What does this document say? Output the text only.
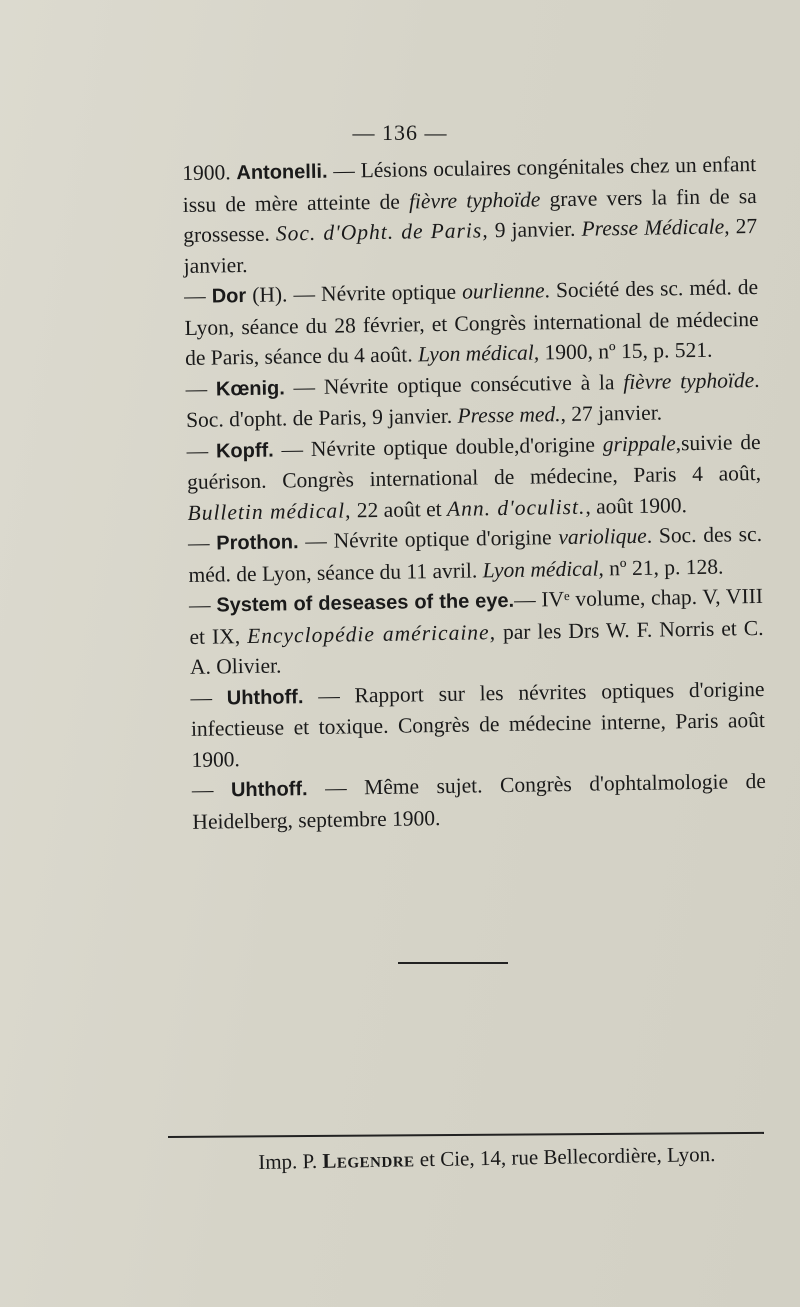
— 136 —

1900. Antonelli. — Lésions oculaires congénitales chez un enfant issu de mère atteinte de fièvre typhoïde grave vers la fin de sa grossesse. Soc. d'Opht. de Paris, 9 janvier. Presse Médicale, 27 janvier.

— Dor (H). — Névrite optique ourlienne. Société des sc. méd. de Lyon, séance du 28 février, et Congrès international de médecine de Paris, séance du 4 août. Lyon médical, 1900, nº 15, p. 521.

— Kœnig. — Névrite optique consécutive à la fièvre typhoïde. Soc. d'opht. de Paris, 9 janvier. Presse med., 27 janvier.

— Kopff. — Névrite optique double,d'origine grippale,suivie de guérison. Congrès international de médecine, Paris 4 août, Bulletin médical, 22 août et Ann. d'oculist., août 1900.

— Prothon. — Névrite optique d'origine variolique. Soc. des sc. méd. de Lyon, séance du 11 avril. Lyon médical, nº 21, p. 128.

— System of deseases of the eye.— IVᵉ volume, chap. V, VIII et IX, Encyclopédie américaine, par les Drs W. F. Norris et C. A. Olivier.

— Uhthoff. — Rapport sur les névrites optiques d'origine infectieuse et toxique. Congrès de médecine interne, Paris août 1900.

— Uhthoff. — Même sujet. Congrès d'ophtalmologie de Heidelberg, septembre 1900.

Imp. P. Legendre et Cie, 14, rue Bellecordière, Lyon.
